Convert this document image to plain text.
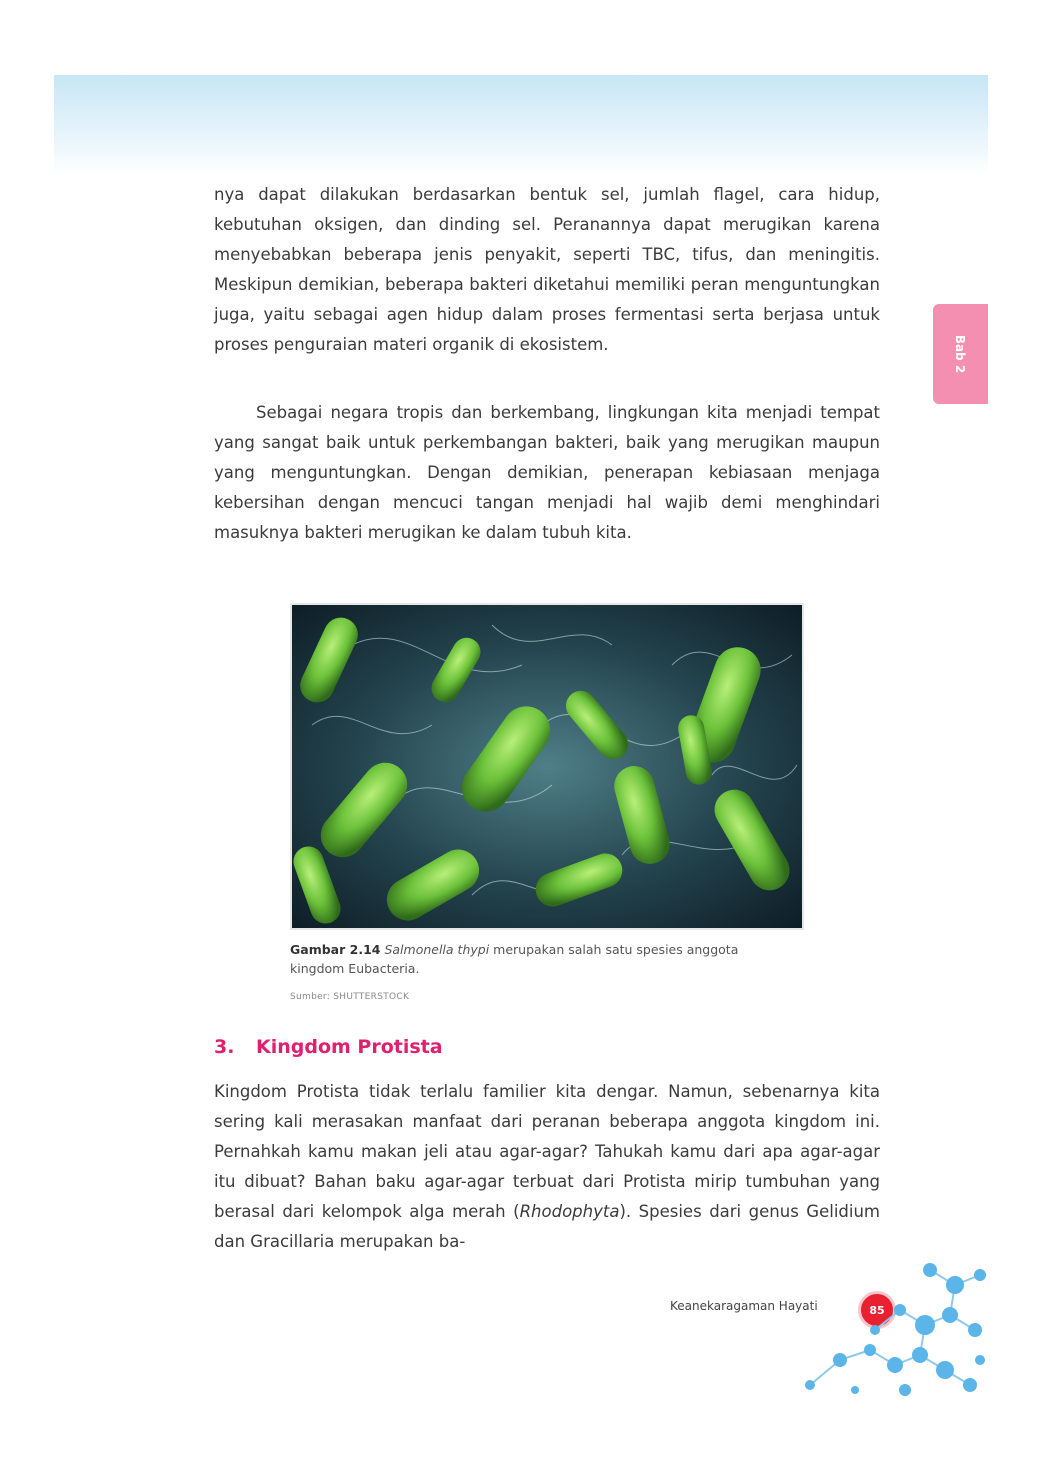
Bab 2

nya dapat dilakukan berdasarkan bentuk sel, jumlah flagel, cara hidup, kebutuhan oksigen, dan dinding sel. Peranannya dapat merugikan karena menyebabkan beberapa jenis penyakit, seperti TBC, tifus, dan meningitis. Meskipun demikian, beberapa bakteri diketahui memiliki peran menguntungkan juga, yaitu sebagai agen hidup dalam proses fermentasi serta berjasa untuk proses penguraian materi organik di ekosistem.

Sebagai negara tropis dan berkembang, lingkungan kita menjadi tempat yang sangat baik untuk perkembangan bakteri, baik yang merugikan maupun yang menguntungkan. Dengan demikian, penerapan kebiasaan menjaga kebersihan dengan mencuci tangan menjadi hal wajib demi menghindari masuknya bakteri merugikan ke dalam tubuh kita.

Gambar 2.14 Salmonella thypi merupakan salah satu spesies anggota kingdom Eubacteria.

Sumber: SHUTTERSTOCK
3. Kingdom Protista

Kingdom Protista tidak terlalu familier kita dengar. Namun, sebenarnya kita sering kali merasakan manfaat dari peranan beberapa anggota kingdom ini. Pernahkah kamu makan jeli atau agar-agar? Tahukah kamu dari apa agar-agar itu dibuat? Bahan baku agar-agar terbuat dari Protista mirip tumbuhan yang berasal dari kelompok alga merah (Rhodophyta). Spesies dari genus Gelidium dan Gracillaria merupakan ba-

Keanekaragaman Hayati	85
